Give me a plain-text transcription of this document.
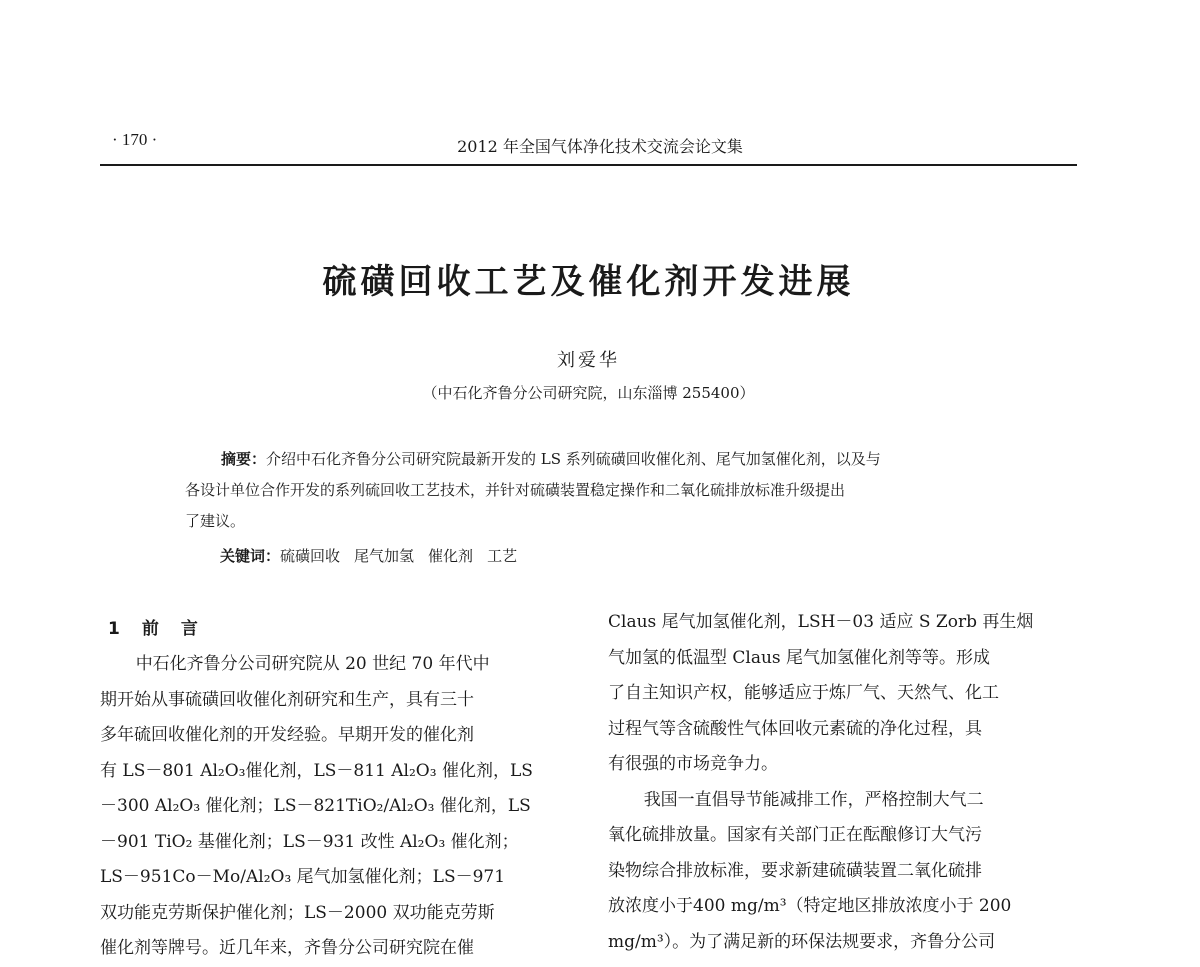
· 170 ·	2012 年全国气体净化技术交流会论文集
硫磺回收工艺及催化剂开发进展
刘爱华
（中石化齐鲁分公司研究院，山东淄博 255400）
摘要：介绍中石化齐鲁分公司研究院最新开发的 LS 系列硫磺回收催化剂、尾气加氢催化剂，以及与
各设计单位合作开发的系列硫回收工艺技术，并针对硫磺装置稳定操作和二氧化硫排放标准升级提出
了建议。
关键词：硫磺回收 尾气加氢 催化剂 工艺
1 前言

中石化齐鲁分公司研究院从 20 世纪 70 年代中

期开始从事硫磺回收催化剂研究和生产，具有三十

多年硫回收催化剂的开发经验。早期开发的催化剂

有 LS－801 Al₂O₃催化剂，LS－811 Al₂O₃ 催化剂，LS

－300 Al₂O₃ 催化剂；LS－821TiO₂/Al₂O₃ 催化剂，LS

－901 TiO₂ 基催化剂；LS－931 改性 Al₂O₃ 催化剂；

LS－951Co－Mo/Al₂O₃ 尾气加氢催化剂；LS－971

双功能克劳斯保护催化剂；LS－2000 双功能克劳斯

催化剂等牌号。近几年来，齐鲁分公司研究院在催

Claus 尾气加氢催化剂，LSH－03 适应 S Zorb 再生烟

气加氢的低温型 Claus 尾气加氢催化剂等等。形成

了自主知识产权，能够适应于炼厂气、天然气、化工

过程气等含硫酸性气体回收元素硫的净化过程，具

有很强的市场竞争力。

我国一直倡导节能减排工作，严格控制大气二

氧化硫排放量。国家有关部门正在酝酿修订大气污

染物综合排放标准，要求新建硫磺装置二氧化硫排

放浓度小于400 mg/m³（特定地区排放浓度小于 200

mg/m³）。为了满足新的环保法规要求，齐鲁分公司
